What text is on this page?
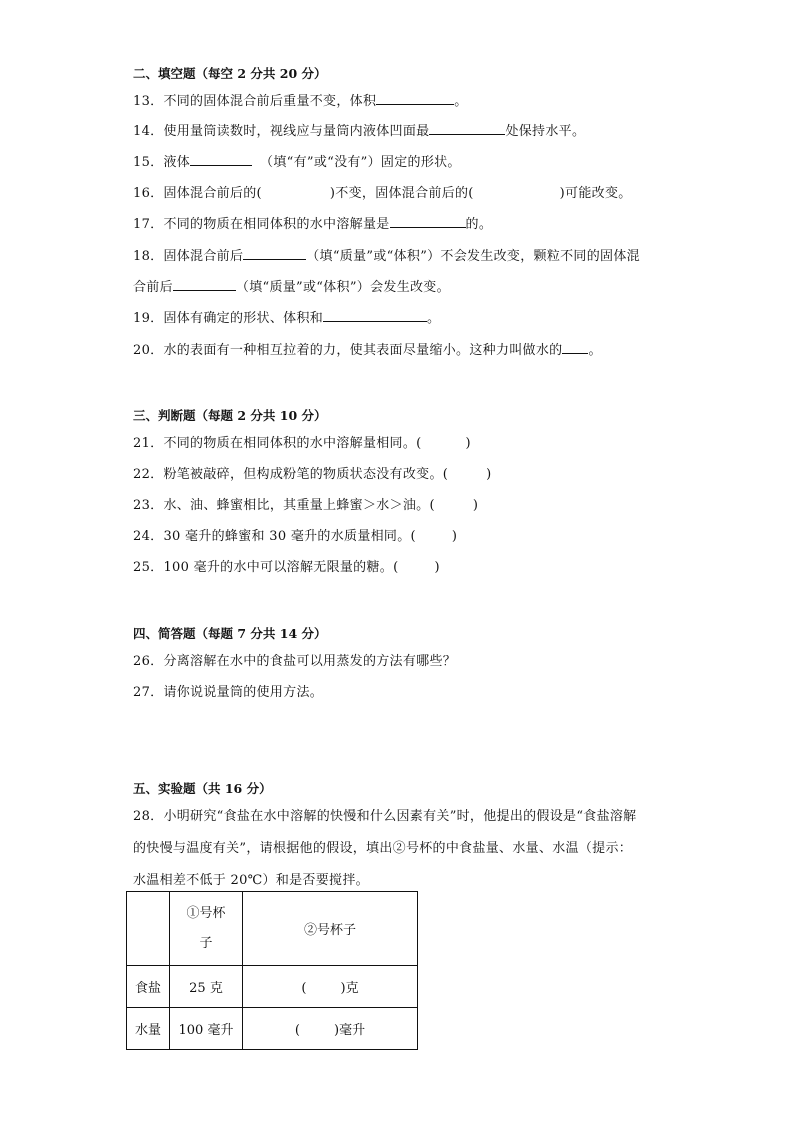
二、填空题（每空 2 分共 20 分）
13．不同的固体混合前后重量不变，体积	。
14．使用量筒读数时，视线应与量筒内液体凹面最	处保持水平。
15．液体	（填“有”或“没有”）固定的形状。
16．固体混合前后的(	)不变，固体混合前后的(	)可能改变。
17．不同的物质在相同体积的水中溶解量是	的。
18．固体混合前后	（填“质量”或“体积”）不会发生改变，颗粒不同的固体混
合前后	（填“质量”或“体积”）会发生改变。
19．固体有确定的形状、体积和	。
20．水的表面有一种相互拉着的力，使其表面尽量缩小。这种力叫做水的 。
三、判断题（每题 2 分共 10 分）
21．不同的物质在相同体积的水中溶解量相同。(	)
22．粉笔被敲碎，但构成粉笔的物质状态没有改变。(	)
23．水、油、蜂蜜相比，其重量上蜂蜜＞水＞油。(	)
24．30 毫升的蜂蜜和 30 毫升的水质量相同。(	)
25．100 毫升的水中可以溶解无限量的糖。(	)
四、简答题（每题 7 分共 14 分）
26．分离溶解在水中的食盐可以用蒸发的方法有哪些？
27．请你说说量筒的使用方法。
五、实验题（共 16 分）
28．小明研究“食盐在水中溶解的快慢和什么因素有关”时，他提出的假设是“食盐溶解
的快慢与温度有关”，请根据他的假设，填出②号杯的中食盐量、水量、水温（提示：
水温相差不低于 20℃）和是否要搅拌。

	①号杯
子	②号杯子
食盐	25 克	( )克
水量	100 毫升	( )毫升
